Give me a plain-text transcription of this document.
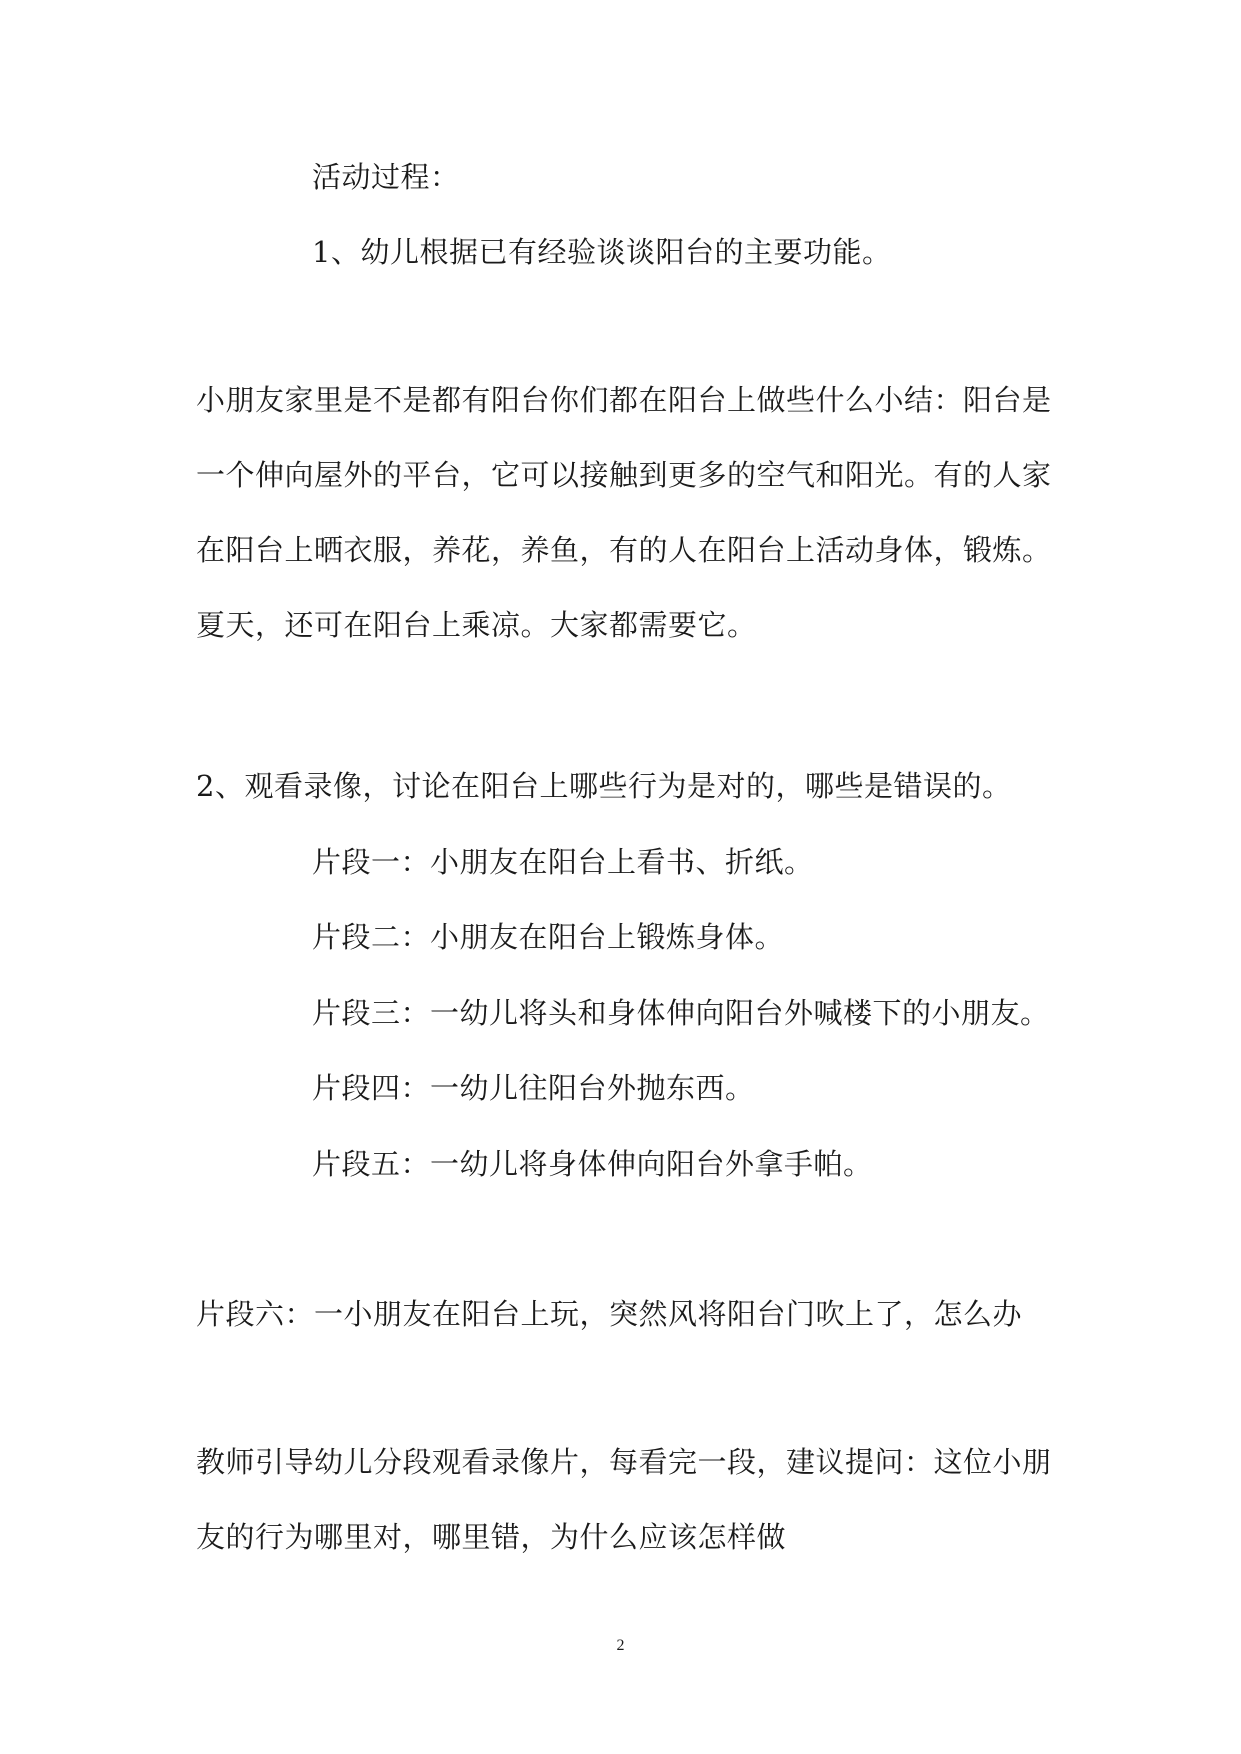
活动过程：
1、幼儿根据已有经验谈谈阳台的主要功能。
小朋友家里是不是都有阳台你们都在阳台上做些什么小结：阳台是
一个伸向屋外的平台，它可以接触到更多的空气和阳光。有的人家
在阳台上晒衣服，养花，养鱼，有的人在阳台上活动身体，锻炼。
夏天，还可在阳台上乘凉。大家都需要它。
2、观看录像，讨论在阳台上哪些行为是对的，哪些是错误的。
片段一：小朋友在阳台上看书、折纸。
片段二：小朋友在阳台上锻炼身体。
片段三：一幼儿将头和身体伸向阳台外喊楼下的小朋友。
片段四：一幼儿往阳台外抛东西。
片段五：一幼儿将身体伸向阳台外拿手帕。
片段六：一小朋友在阳台上玩，突然风将阳台门吹上了，怎么办
教师引导幼儿分段观看录像片，每看完一段，建议提问：这位小朋
友的行为哪里对，哪里错，为什么应该怎样做
2
